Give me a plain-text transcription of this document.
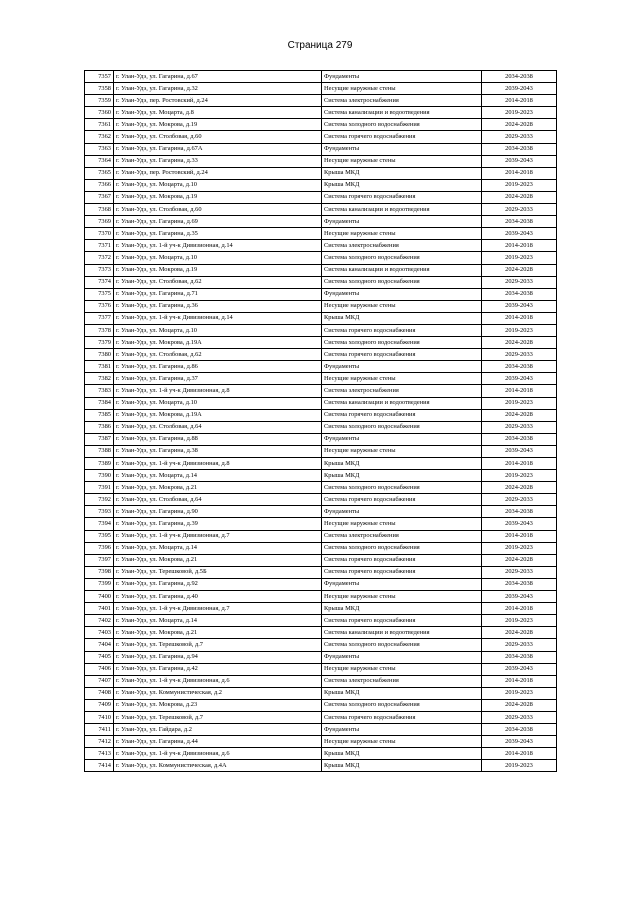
Страница 279
7357	г. Улан-Удэ, ул. Гагарина, д.67	Фундаменты	2034-2038
7358	г. Улан-Удэ, ул. Гагарина, д.32	Несущие наружные стены	2039-2043
7359	г. Улан-Удэ, пер. Ростовский, д.24	Система электроснабжения	2014-2018
7360	г. Улан-Удэ, ул. Моцарта, д.8	Система канализации и водоотведения	2019-2023
7361	г. Улан-Удэ, ул. Мокрова, д.19	Система холодного водоснабжения	2024-2028
7362	г. Улан-Удэ, ул. Столбовая, д.60	Система горячего водоснабжения	2029-2033
7363	г. Улан-Удэ, ул. Гагарина, д.67А	Фундаменты	2034-2038
7364	г. Улан-Удэ, ул. Гагарина, д.33	Несущие наружные стены	2039-2043
7365	г. Улан-Удэ, пер. Ростовский, д.24	Крыша МКД	2014-2018
7366	г. Улан-Удэ, ул. Моцарта, д.10	Крыша МКД	2019-2023
7367	г. Улан-Удэ, ул. Мокрова, д.19	Система горячего водоснабжения	2024-2028
7368	г. Улан-Удэ, ул. Столбовая, д.60	Система канализации и водоотведения	2029-2033
7369	г. Улан-Удэ, ул. Гагарина, д.69	Фундаменты	2034-2038
7370	г. Улан-Удэ, ул. Гагарина, д.35	Несущие наружные стены	2039-2043
7371	г. Улан-Удэ, ул. 1-й уч-к Дивизионная, д.14	Система электроснабжения	2014-2018
7372	г. Улан-Удэ, ул. Моцарта, д.10	Система холодного водоснабжения	2019-2023
7373	г. Улан-Удэ, ул. Мокрова, д.19	Система канализации и водоотведения	2024-2028
7374	г. Улан-Удэ, ул. Столбовая, д.62	Система холодного водоснабжения	2029-2033
7375	г. Улан-Удэ, ул. Гагарина, д.71	Фундаменты	2034-2038
7376	г. Улан-Удэ, ул. Гагарина, д.36	Несущие наружные стены	2039-2043
7377	г. Улан-Удэ, ул. 1-й уч-к Дивизионная, д.14	Крыша МКД	2014-2018
7378	г. Улан-Удэ, ул. Моцарта, д.10	Система горячего водоснабжения	2019-2023
7379	г. Улан-Удэ, ул. Мокрова, д.19А	Система холодного водоснабжения	2024-2028
7380	г. Улан-Удэ, ул. Столбовая, д.62	Система горячего водоснабжения	2029-2033
7381	г. Улан-Удэ, ул. Гагарина, д.86	Фундаменты	2034-2038
7382	г. Улан-Удэ, ул. Гагарина, д.37	Несущие наружные стены	2039-2043
7383	г. Улан-Удэ, ул. 1-й уч-к Дивизионная, д.8	Система электроснабжения	2014-2018
7384	г. Улан-Удэ, ул. Моцарта, д.10	Система канализации и водоотведения	2019-2023
7385	г. Улан-Удэ, ул. Мокрова, д.19А	Система горячего водоснабжения	2024-2028
7386	г. Улан-Удэ, ул. Столбовая, д.64	Система холодного водоснабжения	2029-2033
7387	г. Улан-Удэ, ул. Гагарина, д.88	Фундаменты	2034-2038
7388	г. Улан-Удэ, ул. Гагарина, д.38	Несущие наружные стены	2039-2043
7389	г. Улан-Удэ, ул. 1-й уч-к Дивизионная, д.8	Крыша МКД	2014-2018
7390	г. Улан-Удэ, ул. Моцарта, д.14	Крыша МКД	2019-2023
7391	г. Улан-Удэ, ул. Мокрова, д.21	Система холодного водоснабжения	2024-2028
7392	г. Улан-Удэ, ул. Столбовая, д.64	Система горячего водоснабжения	2029-2033
7393	г. Улан-Удэ, ул. Гагарина, д.90	Фундаменты	2034-2038
7394	г. Улан-Удэ, ул. Гагарина, д.39	Несущие наружные стены	2039-2043
7395	г. Улан-Удэ, ул. 1-й уч-к Дивизионная, д.7	Система электроснабжения	2014-2018
7396	г. Улан-Удэ, ул. Моцарта, д.14	Система холодного водоснабжения	2019-2023
7397	г. Улан-Удэ, ул. Мокрова, д.21	Система горячего водоснабжения	2024-2028
7398	г. Улан-Удэ, ул. Терешковой, д.5Б	Система горячего водоснабжения	2029-2033
7399	г. Улан-Удэ, ул. Гагарина, д.92	Фундаменты	2034-2038
7400	г. Улан-Удэ, ул. Гагарина, д.40	Несущие наружные стены	2039-2043
7401	г. Улан-Удэ, ул. 1-й уч-к Дивизионная, д.7	Крыша МКД	2014-2018
7402	г. Улан-Удэ, ул. Моцарта, д.14	Система горячего водоснабжения	2019-2023
7403	г. Улан-Удэ, ул. Мокрова, д.21	Система канализации и водоотведения	2024-2028
7404	г. Улан-Удэ, ул. Терешковой, д.7	Система холодного водоснабжения	2029-2033
7405	г. Улан-Удэ, ул. Гагарина, д.94	Фундаменты	2034-2038
7406	г. Улан-Удэ, ул. Гагарина, д.42	Несущие наружные стены	2039-2043
7407	г. Улан-Удэ, ул. 1-й уч-к Дивизионная, д.6	Система электроснабжения	2014-2018
7408	г. Улан-Удэ, ул. Коммунистическая, д.2	Крыша МКД	2019-2023
7409	г. Улан-Удэ, ул. Мокрова, д.23	Система холодного водоснабжения	2024-2028
7410	г. Улан-Удэ, ул. Терешковой, д.7	Система горячего водоснабжения	2029-2033
7411	г. Улан-Удэ, ул. Гайдара, д.2	Фундаменты	2034-2038
7412	г. Улан-Удэ, ул. Гагарина, д.44	Несущие наружные стены	2039-2043
7413	г. Улан-Удэ, ул. 1-й уч-к Дивизионная, д.6	Крыша МКД	2014-2018
7414	г. Улан-Удэ, ул. Коммунистическая, д.4А	Крыша МКД	2019-2023
